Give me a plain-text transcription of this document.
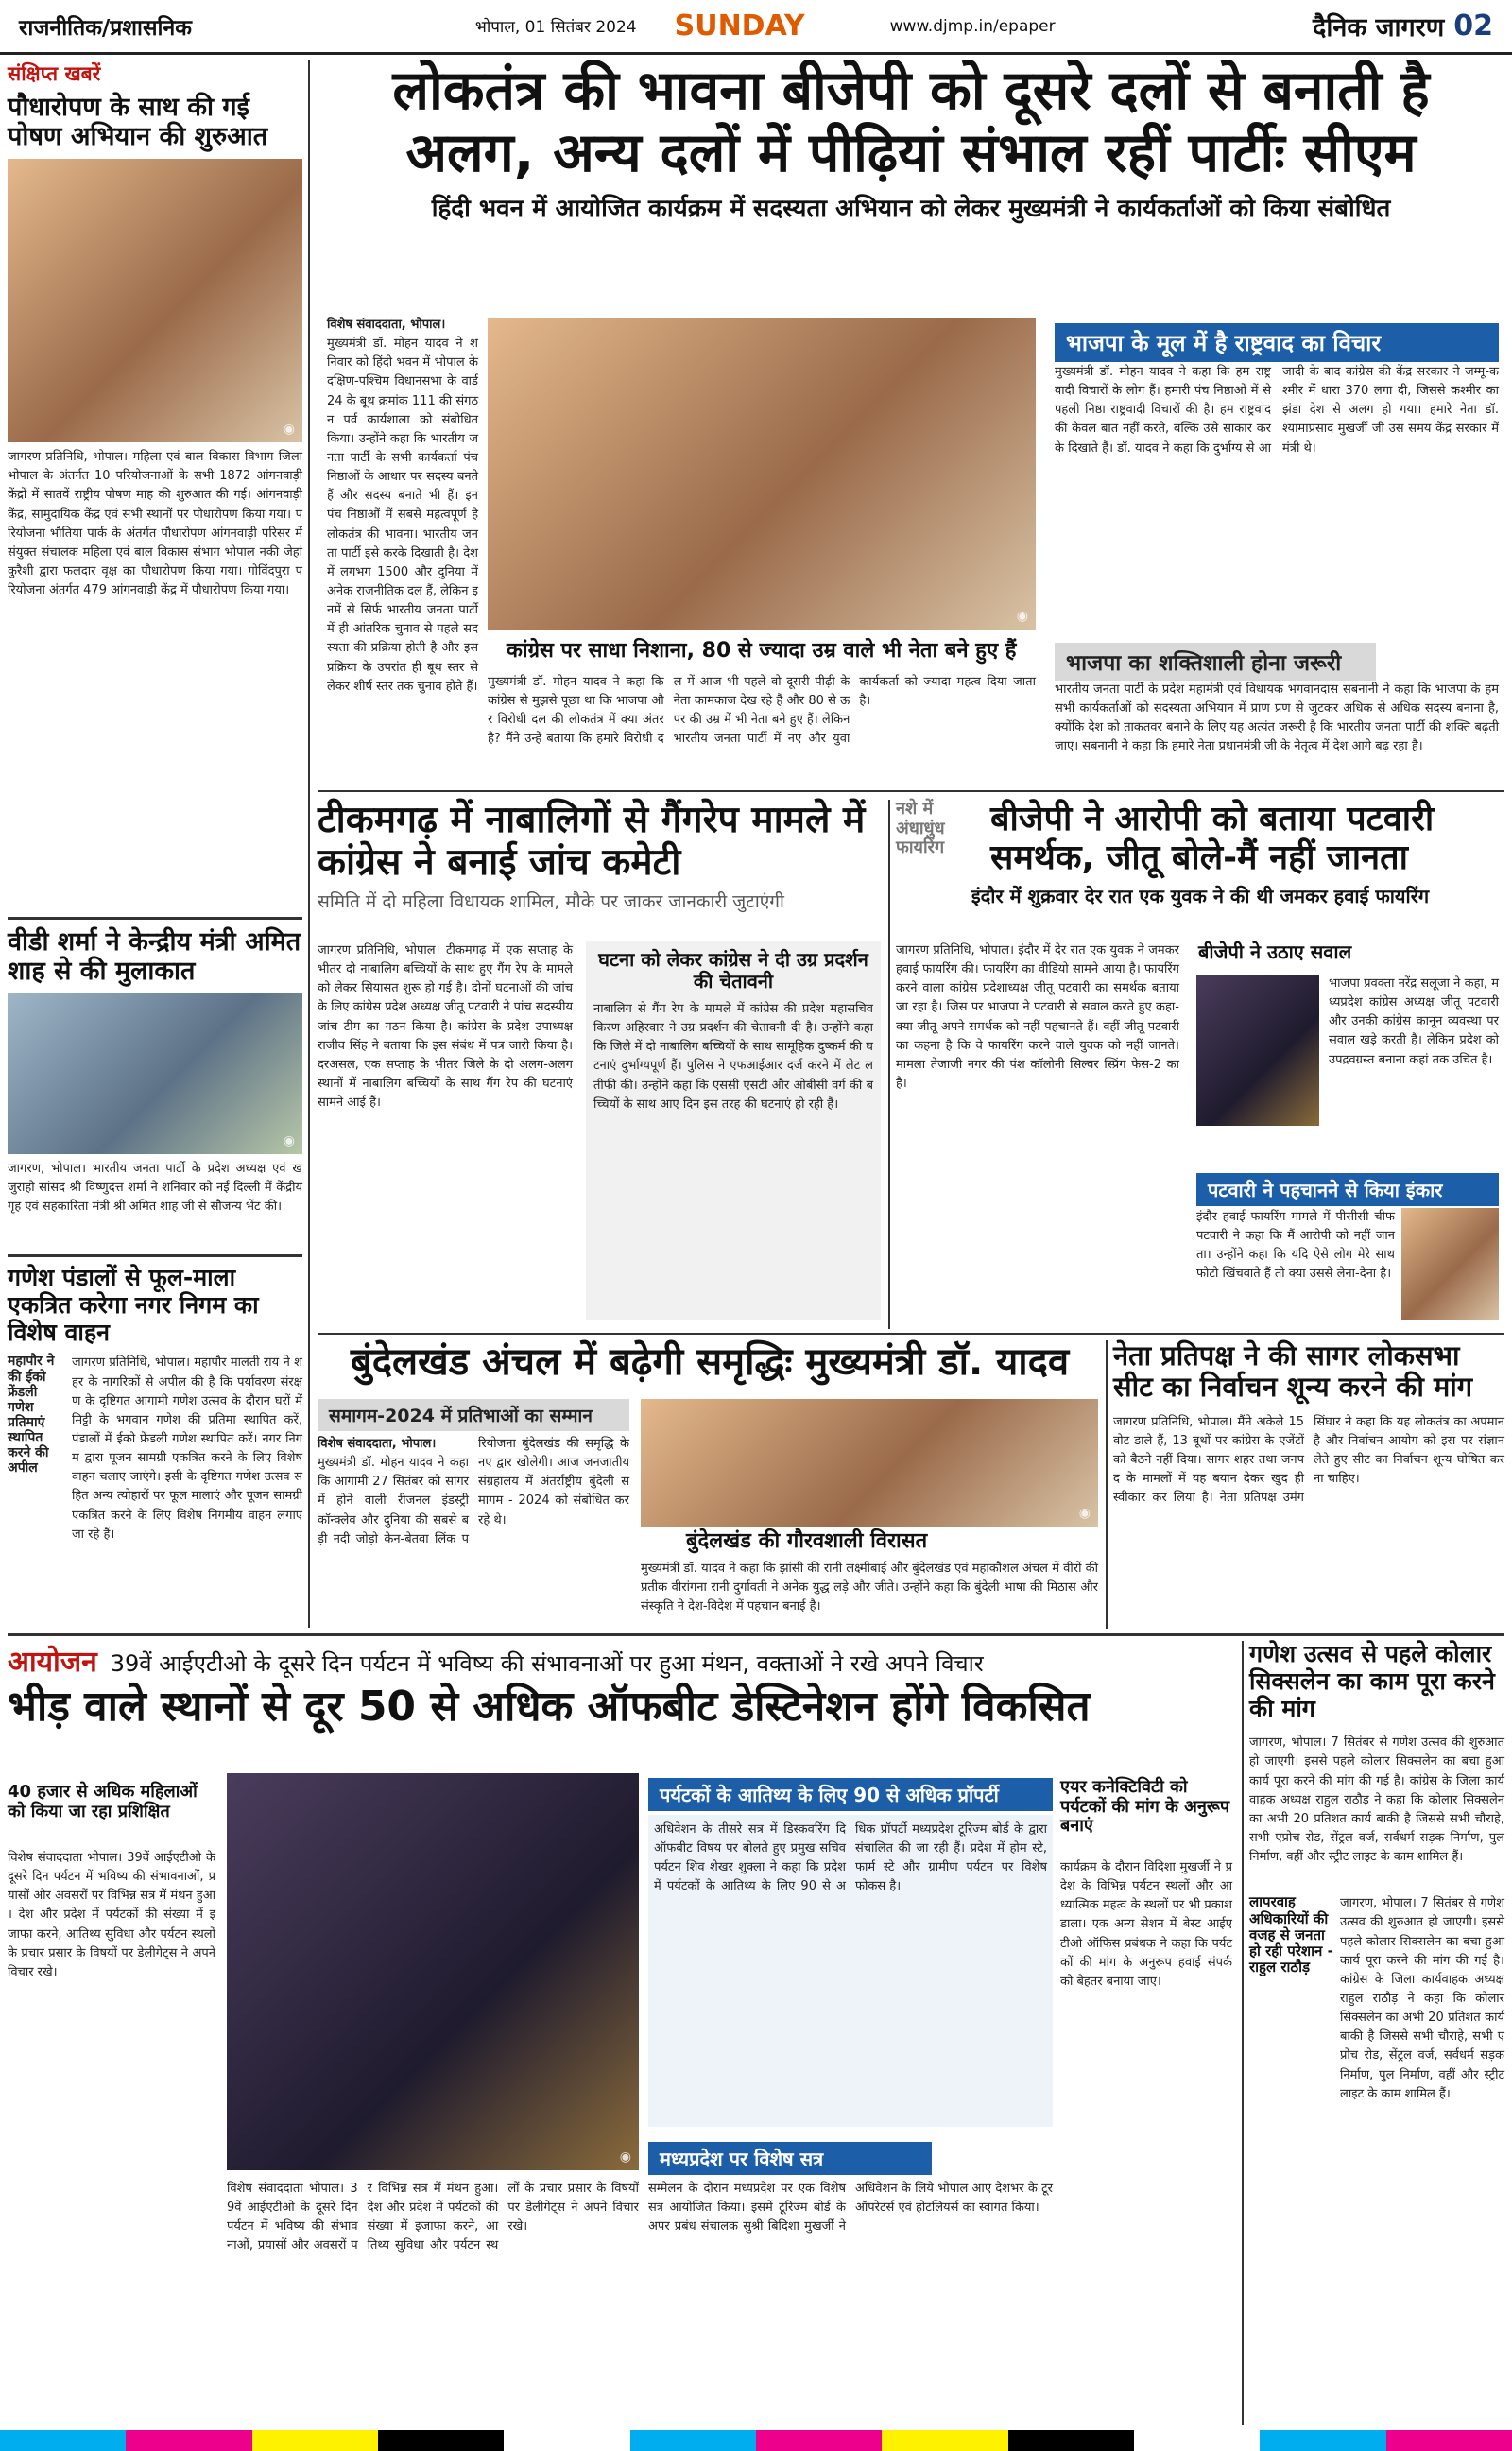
राजनीतिक/प्रशासनिक	भोपाल, 01 सितंबर 2024 SUNDAY	www.djmp.in/epaper	दैनिक जागरण 02
संक्षिप्त खबरें
पौधारोपण के साथ की गई पोषण अभियान की शुरुआत
◉
जागरण प्रतिनिधि, भोपाल। महिला एवं बाल विकास विभाग जिला भोपाल के अंतर्गत 10 परियोजनाओं के सभी 1872 आंगनवाड़ी केंद्रों में सातवें राष्ट्रीय पोषण माह की शुरुआत की गई। आंगनवाड़ी केंद्र, सामुदायिक केंद्र एवं सभी स्थानों पर पौधारोपण किया गया। परियोजना भौतिया पार्क के अंतर्गत पौधारोपण आंगनवाड़ी परिसर में संयुक्त संचालक महिला एवं बाल विकास संभाग भोपाल नकी जेहां कुरैशी द्वारा फलदार वृक्ष का पौधारोपण किया गया। गोविंदपुरा परियोजना अंतर्गत 479 आंगनवाड़ी केंद्र में पौधारोपण किया गया।
वीडी शर्मा ने केन्द्रीय मंत्री अमित शाह से की मुलाकात
◉
जागरण, भोपाल। भारतीय जनता पार्टी के प्रदेश अध्यक्ष एवं खजुराहो सांसद श्री विष्णुदत्त शर्मा ने शनिवार को नई दिल्ली में केंद्रीय गृह एवं सहकारिता मंत्री श्री अमित शाह जी से सौजन्य भेंट की।
गणेश पंडालों से फूल-माला एकत्रित करेगा नगर निगम का विशेष वाहन
महापौर ने की ईको फ्रेंडली गणेश प्रतिमाएं स्थापित करने की अपील
जागरण प्रतिनिधि, भोपाल। महापौर मालती राय ने शहर के नागरिकों से अपील की है कि पर्यावरण संरक्षण के दृष्टिगत आगामी गणेश उत्सव के दौरान घरों में मिट्टी के भगवान गणेश की प्रतिमा स्थापित करें, पंडालों में ईको फ्रेंडली गणेश स्थापित करें। नगर निगम द्वारा पूजन सामग्री एकत्रित करने के लिए विशेष वाहन चलाए जाएंगे। इसी के दृष्टिगत गणेश उत्सव सहित अन्य त्योहारों पर फूल मालाएं और पूजन सामग्री एकत्रित करने के लिए विशेष निगमीय वाहन लगाए जा रहे हैं।
लोकतंत्र की भावना बीजेपी को दूसरे दलों से बनाती है अलग, अन्य दलों में पीढ़ियां संभाल रहीं पार्टीः सीएम
हिंदी भवन में आयोजित कार्यक्रम में सदस्यता अभियान को लेकर मुख्यमंत्री ने कार्यकर्ताओं को किया संबोधित
विशेष संवाददाता, भोपाल।
मुख्यमंत्री डॉ. मोहन यादव ने शनिवार को हिंदी भवन में भोपाल के दक्षिण-पश्चिम विधानसभा के वार्ड 24 के बूथ क्रमांक 111 की संगठन पर्व कार्यशाला को संबोधित किया। उन्होंने कहा कि भारतीय जनता पार्टी के सभी कार्यकर्ता पंच निष्ठाओं के आधार पर सदस्य बनते हैं और सदस्य बनाते भी हैं। इन पंच निष्ठाओं में सबसे महत्वपूर्ण है लोकतंत्र की भावना। भारतीय जनता पार्टी इसे करके दिखाती है। देश में लगभग 1500 और दुनिया में अनेक राजनीतिक दल हैं, लेकिन इनमें से सिर्फ भारतीय जनता पार्टी में ही आंतरिक चुनाव से पहले सदस्यता की प्रक्रिया होती है और इस प्रक्रिया के उपरांत ही बूथ स्तर से लेकर शीर्ष स्तर तक चुनाव होते हैं।
◉
कांग्रेस पर साधा निशाना, 80 से ज्यादा उम्र वाले भी नेता बने हुए हैं
मुख्यमंत्री डॉ. मोहन यादव ने कहा कि कांग्रेस से मुझसे पूछा था कि भाजपा और विरोधी दल की लोकतंत्र में क्या अंतर है? मैंने उन्हें बताया कि हमारे विरोधी दल में आज भी पहले वो दूसरी पीढ़ी के नेता कामकाज देख रहे हैं और 80 से ऊपर की उम्र में भी नेता बने हुए हैं। लेकिन भारतीय जनता पार्टी में नए और युवा कार्यकर्ता को ज्यादा महत्व दिया जाता है।
भाजपा के मूल में है राष्ट्रवाद का विचार
मुख्यमंत्री डॉ. मोहन यादव ने कहा कि हम राष्ट्रवादी विचारों के लोग हैं। हमारी पंच निष्ठाओं में से पहली निष्ठा राष्ट्रवादी विचारों की है। हम राष्ट्रवाद की केवल बात नहीं करते, बल्कि उसे साकार करके दिखाते हैं। डॉ. यादव ने कहा कि दुर्भाग्य से आजादी के बाद कांग्रेस की केंद्र सरकार ने जम्मू-कश्मीर में धारा 370 लगा दी, जिससे कश्मीर का झंडा देश से अलग हो गया। हमारे नेता डॉ. श्यामाप्रसाद मुखर्जी जी उस समय केंद्र सरकार में मंत्री थे।
भाजपा का शक्तिशाली होना जरूरी
भारतीय जनता पार्टी के प्रदेश महामंत्री एवं विधायक भगवानदास सबनानी ने कहा कि भाजपा के हम सभी कार्यकर्ताओं को सदस्यता अभियान में प्राण प्रण से जुटकर अधिक से अधिक सदस्य बनाना है, क्योंकि देश को ताकतवर बनाने के लिए यह अत्यंत जरूरी है कि भारतीय जनता पार्टी की शक्ति बढ़ती जाए। सबनानी ने कहा कि हमारे नेता प्रधानमंत्री जी के नेतृत्व में देश आगे बढ़ रहा है।
टीकमगढ़ में नाबालिगों से गैंगरेप मामले में कांग्रेस ने बनाई जांच कमेटी
समिति में दो महिला विधायक शामिल, मौके पर जाकर जानकारी जुटाएंगी
जागरण प्रतिनिधि, भोपाल। टीकमगढ़ में एक सप्ताह के भीतर दो नाबालिग बच्चियों के साथ हुए गैंग रेप के मामले को लेकर सियासत शुरू हो गई है। दोनों घटनाओं की जांच के लिए कांग्रेस प्रदेश अध्यक्ष जीतू पटवारी ने पांच सदस्यीय जांच टीम का गठन किया है। कांग्रेस के प्रदेश उपाध्यक्ष राजीव सिंह ने बताया कि इस संबंध में पत्र जारी किया है। दरअसल, एक सप्ताह के भीतर जिले के दो अलग-अलग स्थानों में नाबालिग बच्चियों के साथ गैंग रेप की घटनाएं सामने आई हैं।
घटना को लेकर कांग्रेस ने दी उग्र प्रदर्शन की चेतावनी
नाबालिग से गैंग रेप के मामले में कांग्रेस की प्रदेश महासचिव किरण अहिरवार ने उग्र प्रदर्शन की चेतावनी दी है। उन्होंने कहा कि जिले में दो नाबालिग बच्चियों के साथ सामूहिक दुष्कर्म की घटनाएं दुर्भाग्यपूर्ण हैं। पुलिस ने एफआईआर दर्ज करने में लेट लतीफी की। उन्होंने कहा कि एससी एसटी और ओबीसी वर्ग की बच्चियों के साथ आए दिन इस तरह की घटनाएं हो रही हैं।
नशे में अंधाधुंध फायरिंग
बीजेपी ने आरोपी को बताया पटवारी समर्थक, जीतू बोले-मैं नहीं जानता
इंदौर में शुक्रवार देर रात एक युवक ने की थी जमकर हवाई फायरिंग
जागरण प्रतिनिधि, भोपाल। इंदौर में देर रात एक युवक ने जमकर हवाई फायरिंग की। फायरिंग का वीडियो सामने आया है। फायरिंग करने वाला कांग्रेस प्रदेशाध्यक्ष जीतू पटवारी का समर्थक बताया जा रहा है। जिस पर भाजपा ने पटवारी से सवाल करते हुए कहा- क्या जीतू अपने समर्थक को नहीं पहचानते हैं। वहीं जीतू पटवारी का कहना है कि वे फायरिंग करने वाले युवक को नहीं जानते। मामला तेजाजी नगर की पंश कॉलोनी सिल्वर स्प्रिंग फेस-2 का है।
बीजेपी ने उठाए सवाल
भाजपा प्रवक्ता नरेंद्र सलूजा ने कहा, मध्यप्रदेश कांग्रेस अध्यक्ष जीतू पटवारी और उनकी कांग्रेस कानून व्यवस्था पर सवाल खड़े करती है। लेकिन प्रदेश को उपद्रवग्रस्त बनाना कहां तक उचित है।
पटवारी ने पहचानने से किया इंकार
इंदौर हवाई फायरिंग मामले में पीसीसी चीफ पटवारी ने कहा कि मैं आरोपी को नहीं जानता। उन्होंने कहा कि यदि ऐसे लोग मेरे साथ फोटो खिंचवाते हैं तो क्या उससे लेना-देना है।
बुंदेलखंड अंचल में बढ़ेगी समृद्धिः मुख्यमंत्री डॉ. यादव
समागम-2024 में प्रतिभाओं का सम्मान
विशेष संवाददाता, भोपाल।
मुख्यमंत्री डॉ. मोहन यादव ने कहा कि आगामी 27 सितंबर को सागर में होने वाली रीजनल इंडस्ट्री कॉन्क्लेव और दुनिया की सबसे बड़ी नदी जोड़ो केन-बेतवा लिंक परियोजना बुंदेलखंड की समृद्धि के नए द्वार खोलेगी। आज जनजातीय संग्रहालय में अंतर्राष्ट्रीय बुंदेली समागम - 2024 को संबोधित कर रहे थे।	◉
बुंदेलखंड की गौरवशाली विरासत
मुख्यमंत्री डॉ. यादव ने कहा कि झांसी की रानी लक्ष्मीबाई और बुंदेलखंड एवं महाकौशल अंचल में वीरों की प्रतीक वीरांगना रानी दुर्गावती ने अनेक युद्ध लड़े और जीते। उन्होंने कहा कि बुंदेली भाषा की मिठास और संस्कृति ने देश-विदेश में पहचान बनाई है।
नेता प्रतिपक्ष ने की सागर लोकसभा सीट का निर्वाचन शून्य करने की मांग
जागरण प्रतिनिधि, भोपाल। मैंने अकेले 15 वोट डाले हैं, 13 बूथों पर कांग्रेस के एजेंटों को बैठने नहीं दिया। सागर शहर तथा जनपद के मामलों में यह बयान देकर खुद ही स्वीकार कर लिया है। नेता प्रतिपक्ष उमंग सिंघार ने कहा कि यह लोकतंत्र का अपमान है और निर्वाचन आयोग को इस पर संज्ञान लेते हुए सीट का निर्वाचन शून्य घोषित करना चाहिए।
आयोजन 39वें आईएटीओ के दूसरे दिन पर्यटन में भविष्य की संभावनाओं पर हुआ मंथन, वक्ताओं ने रखे अपने विचार
भीड़ वाले स्थानों से दूर 50 से अधिक ऑफबीट डेस्टिनेशन होंगे विकसित
40 हजार से अधिक महिलाओं को किया जा रहा प्रशिक्षित
विशेष संवाददाता भोपाल। 39वें आईएटीओ के दूसरे दिन पर्यटन में भविष्य की संभावनाओं, प्रयासों और अवसरों पर विभिन्न सत्र में मंथन हुआ। देश और प्रदेश में पर्यटकों की संख्या में इजाफा करने, आतिथ्य सुविधा और पर्यटन स्थलों के प्रचार प्रसार के विषयों पर डेलीगेट्स ने अपने विचार रखे।
◉
विशेष संवाददाता भोपाल। 39वें आईएटीओ के दूसरे दिन पर्यटन में भविष्य की संभावनाओं, प्रयासों और अवसरों पर विभिन्न सत्र में मंथन हुआ। देश और प्रदेश में पर्यटकों की संख्या में इजाफा करने, आतिथ्य सुविधा और पर्यटन स्थलों के प्रचार प्रसार के विषयों पर डेलीगेट्स ने अपने विचार रखे।
पर्यटकों के आतिथ्य के लिए 90 से अधिक प्रॉपर्टी
अधिवेशन के तीसरे सत्र में डिस्कवरिंग दि ऑफबीट विषय पर बोलते हुए प्रमुख सचिव पर्यटन शिव शेखर शुक्ला ने कहा कि प्रदेश में पर्यटकों के आतिथ्य के लिए 90 से अधिक प्रॉपर्टी मध्यप्रदेश टूरिज्म बोर्ड के द्वारा संचालित की जा रही हैं। प्रदेश में होम स्टे, फार्म स्टे और ग्रामीण पर्यटन पर विशेष फोकस है।
मध्यप्रदेश पर विशेष सत्र
सम्मेलन के दौरान मध्यप्रदेश पर एक विशेष सत्र आयोजित किया। इसमें टूरिज्म बोर्ड के अपर प्रबंध संचालक सुश्री बिदिशा मुखर्जी ने अधिवेशन के लिये भोपाल आए देशभर के टूर ऑपरेटर्स एवं होटलियर्स का स्वागत किया।
एयर कनेक्टिविटी को पर्यटकों की मांग के अनुरूप बनाएं
कार्यक्रम के दौरान विदिशा मुखर्जी ने प्रदेश के विभिन्न पर्यटन स्थलों और आध्यात्मिक महत्व के स्थलों पर भी प्रकाश डाला। एक अन्य सेशन में बेस्ट आईएटीओ ऑफिस प्रबंधक ने कहा कि पर्यटकों की मांग के अनुरूप हवाई संपर्क को बेहतर बनाया जाए।
गणेश उत्सव से पहले कोलार सिक्सलेन का काम पूरा करने की मांग
जागरण, भोपाल। 7 सितंबर से गणेश उत्सव की शुरुआत हो जाएगी। इससे पहले कोलार सिक्सलेन का बचा हुआ कार्य पूरा करने की मांग की गई है। कांग्रेस के जिला कार्यवाहक अध्यक्ष राहुल राठौड़ ने कहा कि कोलार सिक्सलेन का अभी 20 प्रतिशत कार्य बाकी है जिससे सभी चौराहे, सभी एप्रोच रोड, सेंट्रल वर्ज, सर्वधर्म सड़क निर्माण, पुल निर्माण, वहीं और स्ट्रीट लाइट के काम शामिल हैं।
लापरवाह अधिकारियों की वजह से जनता हो रही परेशान - राहुल राठौड़
जागरण, भोपाल। 7 सितंबर से गणेश उत्सव की शुरुआत हो जाएगी। इससे पहले कोलार सिक्सलेन का बचा हुआ कार्य पूरा करने की मांग की गई है। कांग्रेस के जिला कार्यवाहक अध्यक्ष राहुल राठौड़ ने कहा कि कोलार सिक्सलेन का अभी 20 प्रतिशत कार्य बाकी है जिससे सभी चौराहे, सभी एप्रोच रोड, सेंट्रल वर्ज, सर्वधर्म सड़क निर्माण, पुल निर्माण, वहीं और स्ट्रीट लाइट के काम शामिल हैं।
